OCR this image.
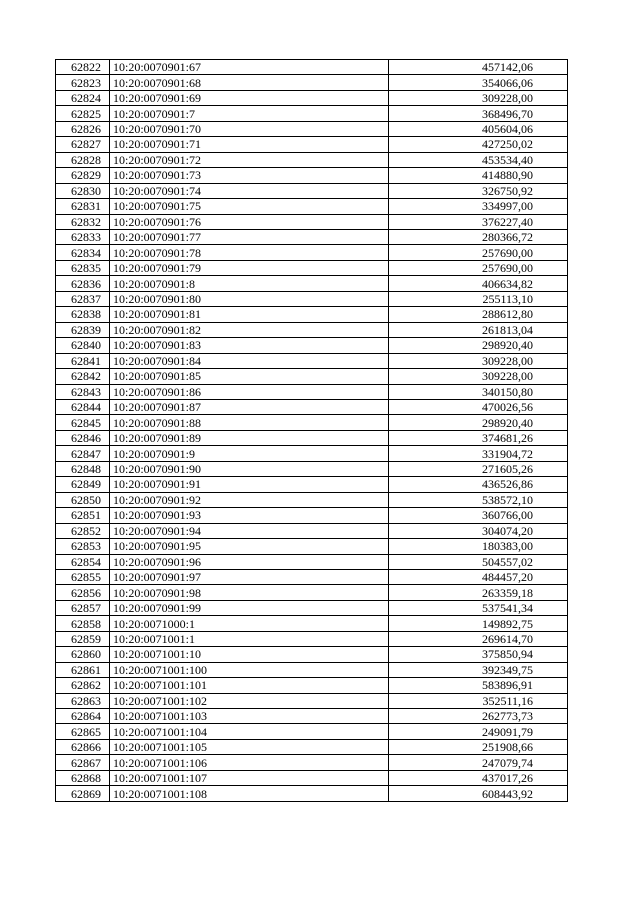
62822	10:20:0070901:67	457142,06
62823	10:20:0070901:68	354066,06
62824	10:20:0070901:69	309228,00
62825	10:20:0070901:7	368496,70
62826	10:20:0070901:70	405604,06
62827	10:20:0070901:71	427250,02
62828	10:20:0070901:72	453534,40
62829	10:20:0070901:73	414880,90
62830	10:20:0070901:74	326750,92
62831	10:20:0070901:75	334997,00
62832	10:20:0070901:76	376227,40
62833	10:20:0070901:77	280366,72
62834	10:20:0070901:78	257690,00
62835	10:20:0070901:79	257690,00
62836	10:20:0070901:8	406634,82
62837	10:20:0070901:80	255113,10
62838	10:20:0070901:81	288612,80
62839	10:20:0070901:82	261813,04
62840	10:20:0070901:83	298920,40
62841	10:20:0070901:84	309228,00
62842	10:20:0070901:85	309228,00
62843	10:20:0070901:86	340150,80
62844	10:20:0070901:87	470026,56
62845	10:20:0070901:88	298920,40
62846	10:20:0070901:89	374681,26
62847	10:20:0070901:9	331904,72
62848	10:20:0070901:90	271605,26
62849	10:20:0070901:91	436526,86
62850	10:20:0070901:92	538572,10
62851	10:20:0070901:93	360766,00
62852	10:20:0070901:94	304074,20
62853	10:20:0070901:95	180383,00
62854	10:20:0070901:96	504557,02
62855	10:20:0070901:97	484457,20
62856	10:20:0070901:98	263359,18
62857	10:20:0070901:99	537541,34
62858	10:20:0071000:1	149892,75
62859	10:20:0071001:1	269614,70
62860	10:20:0071001:10	375850,94
62861	10:20:0071001:100	392349,75
62862	10:20:0071001:101	583896,91
62863	10:20:0071001:102	352511,16
62864	10:20:0071001:103	262773,73
62865	10:20:0071001:104	249091,79
62866	10:20:0071001:105	251908,66
62867	10:20:0071001:106	247079,74
62868	10:20:0071001:107	437017,26
62869	10:20:0071001:108	608443,92
